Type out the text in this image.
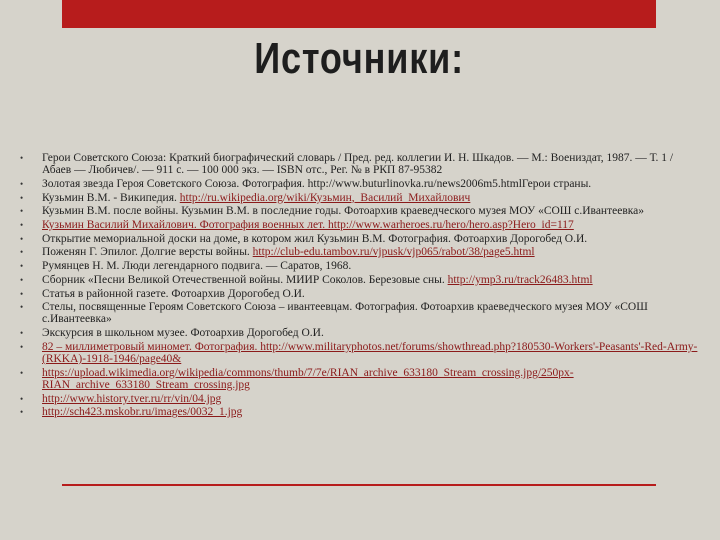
Источники:
• Герои Советского Союза: Краткий биографический словарь / Пред. ред. коллегии И. Н. Шкадов. — М.: Воениздат, 1987. — Т. 1 /Абаев — Любичев/. — 911 с. — 100 000 экз. — ISBN отс., Рег. № в РКП 87-95382
• Золотая звезда Героя Советского Союза. Фотография. http://www.buturlinovka.ru/news2006m5.htmlГерои страны.
• Кузьмин В.М. - Википедия. http://ru.wikipedia.org/wiki/Кузьмин,_Василий_Михайлович
• Кузьмин В.М. после войны. Кузьмин В.М. в последние годы. Фотоархив краеведческого музея МОУ «СОШ с.Ивантеевка»
• Кузьмин Василий Михайлович. Фотография военных лет. http://www.warheroes.ru/hero/hero.asp?Hero_id=117
• Открытие мемориальной доски на доме, в котором жил Кузьмин В.М. Фотография. Фотоархив Дорогобед О.И.
• Поженян Г. Эпилог. Долгие версты войны. http://club-edu.tambov.ru/vjpusk/vjp065/rabot/38/page5.html
• Румянцев Н. М. Люди легендарного подвига. — Саратов, 1968.
• Сборник «Песни Великой Отечественной войны. МИИР Соколов. Березовые сны. http://ymp3.ru/track26483.html
• Статья в районной газете. Фотоархив Дорогобед О.И.
• Стелы, посвященные Героям Советского Союза – ивантеевцам. Фотография. Фотоархив краеведческого музея МОУ «СОШ с.Ивантеевка»
• Экскурсия в школьном музее. Фотоархив Дорогобед О.И.
• 82 – миллиметровый миномет. Фотография. http://www.militaryphotos.net/forums/showthread.php?180530-Workers'-Peasants'-Red-Army-(RKKA)-1918-1946/page40&
• https://upload.wikimedia.org/wikipedia/commons/thumb/7/7e/RIAN_archive_633180_Stream_crossing.jpg/250px-RIAN_archive_633180_Stream_crossing.jpg
• http://www.history.tver.ru/rr/vin/04.jpg
• http://sch423.mskobr.ru/images/0032_1.jpg
